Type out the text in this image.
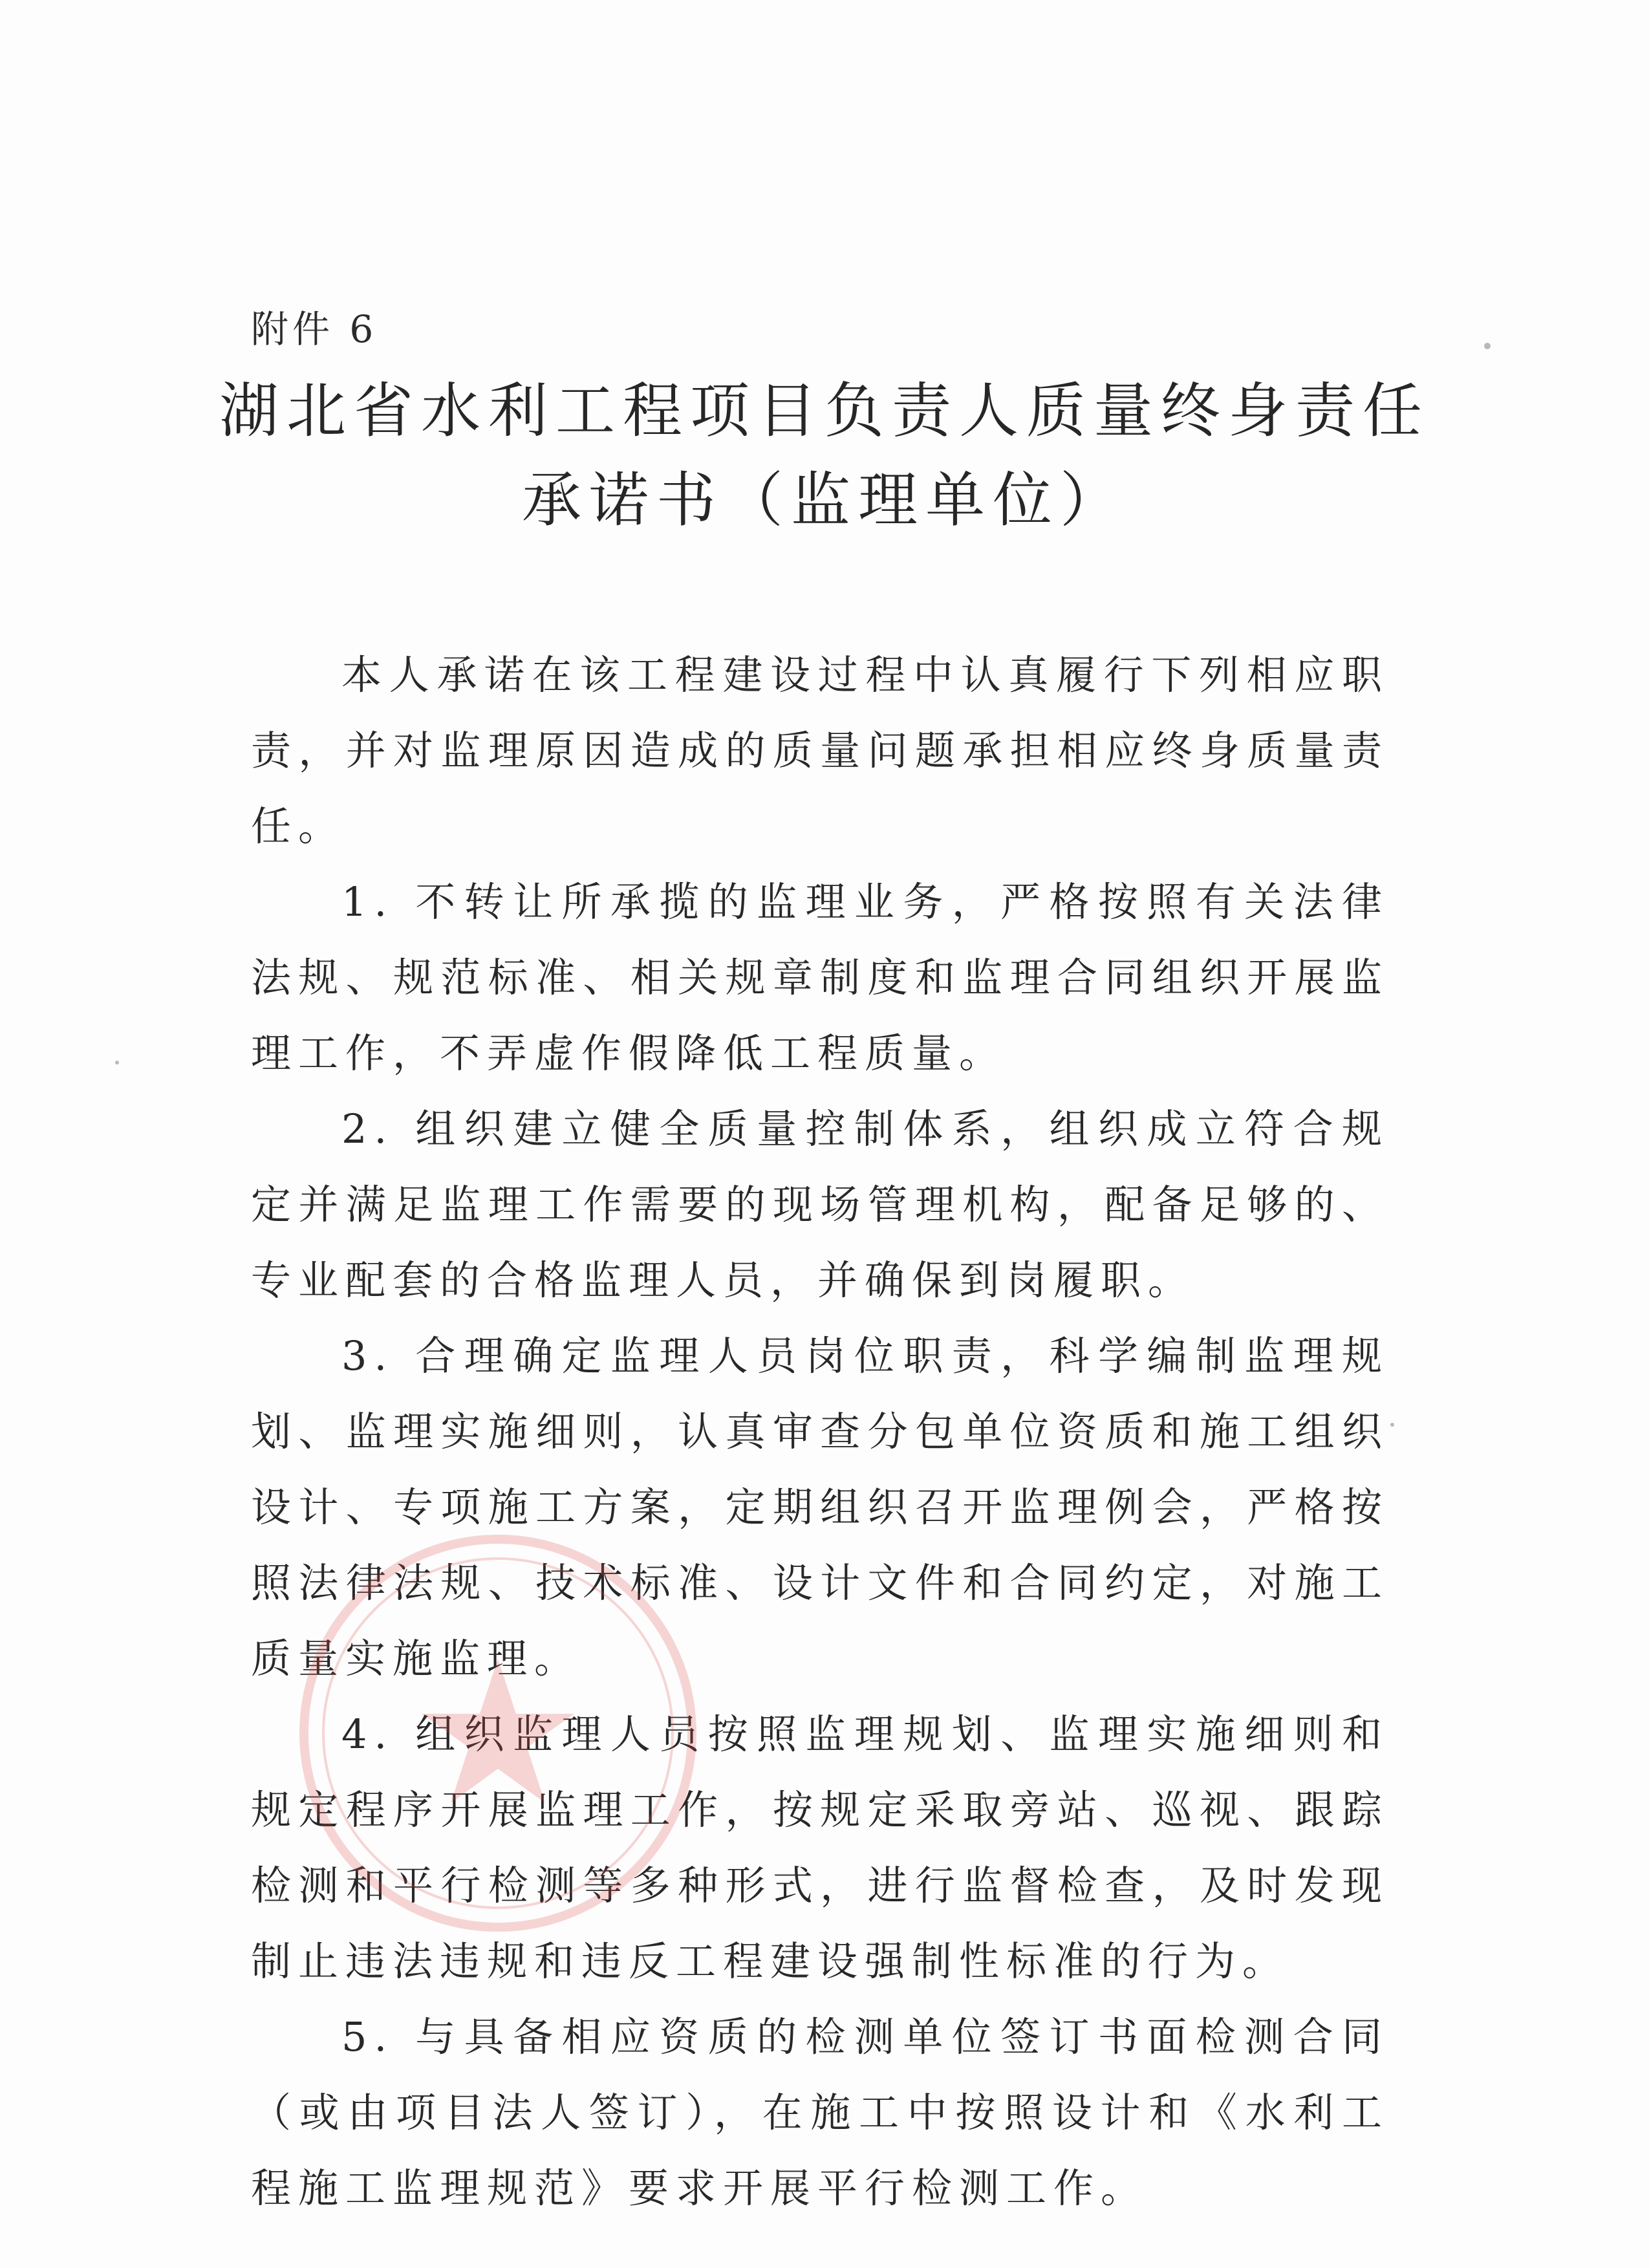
附件 6
湖北省水利工程项目负责人质量终身责任
承诺书（监理单位）

本人承诺在该工程建设过程中认真履行下列相应职责，并对监理原因造成的质量问题承担相应终身质量责任。

1. 不转让所承揽的监理业务，严格按照有关法律法规、规范标准、相关规章制度和监理合同组织开展监理工作，不弄虚作假降低工程质量。

2. 组织建立健全质量控制体系，组织成立符合规定并满足监理工作需要的现场管理机构，配备足够的、专业配套的合格监理人员，并确保到岗履职。

3. 合理确定监理人员岗位职责，科学编制监理规划、监理实施细则，认真审查分包单位资质和施工组织设计、专项施工方案，定期组织召开监理例会，严格按照法律法规、技术标准、设计文件和合同约定，对施工质量实施监理。

4. 组织监理人员按照监理规划、监理实施细则和规定程序开展监理工作，按规定采取旁站、巡视、跟踪检测和平行检测等多种形式，进行监督检查，及时发现制止违法违规和违反工程建设强制性标准的行为。

5. 与具备相应资质的检测单位签订书面检测合同（或由项目法人签订），在施工中按照设计和《水利工程施工监理规范》要求开展平行检测工作。
